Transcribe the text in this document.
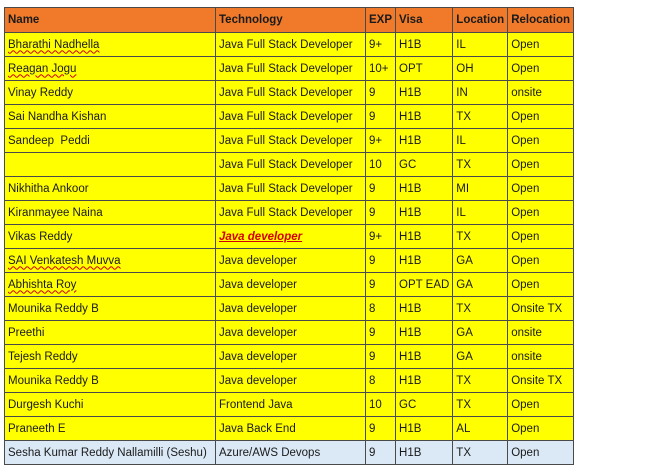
Name	Technology	EXP	Visa	Location	Relocation
Bharathi Nadhella	Java Full Stack Developer	9+	H1B	IL	Open
Reagan Jogu	Java Full Stack Developer	10+	OPT	OH	Open
Vinay Reddy	Java Full Stack Developer	9	H1B	IN	onsite
Sai Nandha Kishan	Java Full Stack Developer	9	H1B	TX	Open
Sandeep  Peddi	Java Full Stack Developer	9+	H1B	IL	Open
	Java Full Stack Developer	10	GC	TX	Open
Nikhitha Ankoor	Java Full Stack Developer	9	H1B	MI	Open
Kiranmayee Naina	Java Full Stack Developer	9	H1B	IL	Open
Vikas Reddy	Java developer	9+	H1B	TX	Open
SAI Venkatesh Muvva	Java developer	9	H1B	GA	Open
Abhishta Roy	Java developer	9	OPT EAD	GA	Open
Mounika Reddy B	Java developer	8	H1B	TX	Onsite TX
Preethi	Java developer	9	H1B	GA	onsite
Tejesh Reddy	Java developer	9	H1B	GA	onsite
Mounika Reddy B	Java developer	8	H1B	TX	Onsite TX
Durgesh Kuchi	Frontend Java	10	GC	TX	Open
Praneeth E	Java Back End	9	H1B	AL	Open
Sesha Kumar Reddy Nallamilli (Seshu)	Azure/AWS Devops	9	H1B	TX	Open
